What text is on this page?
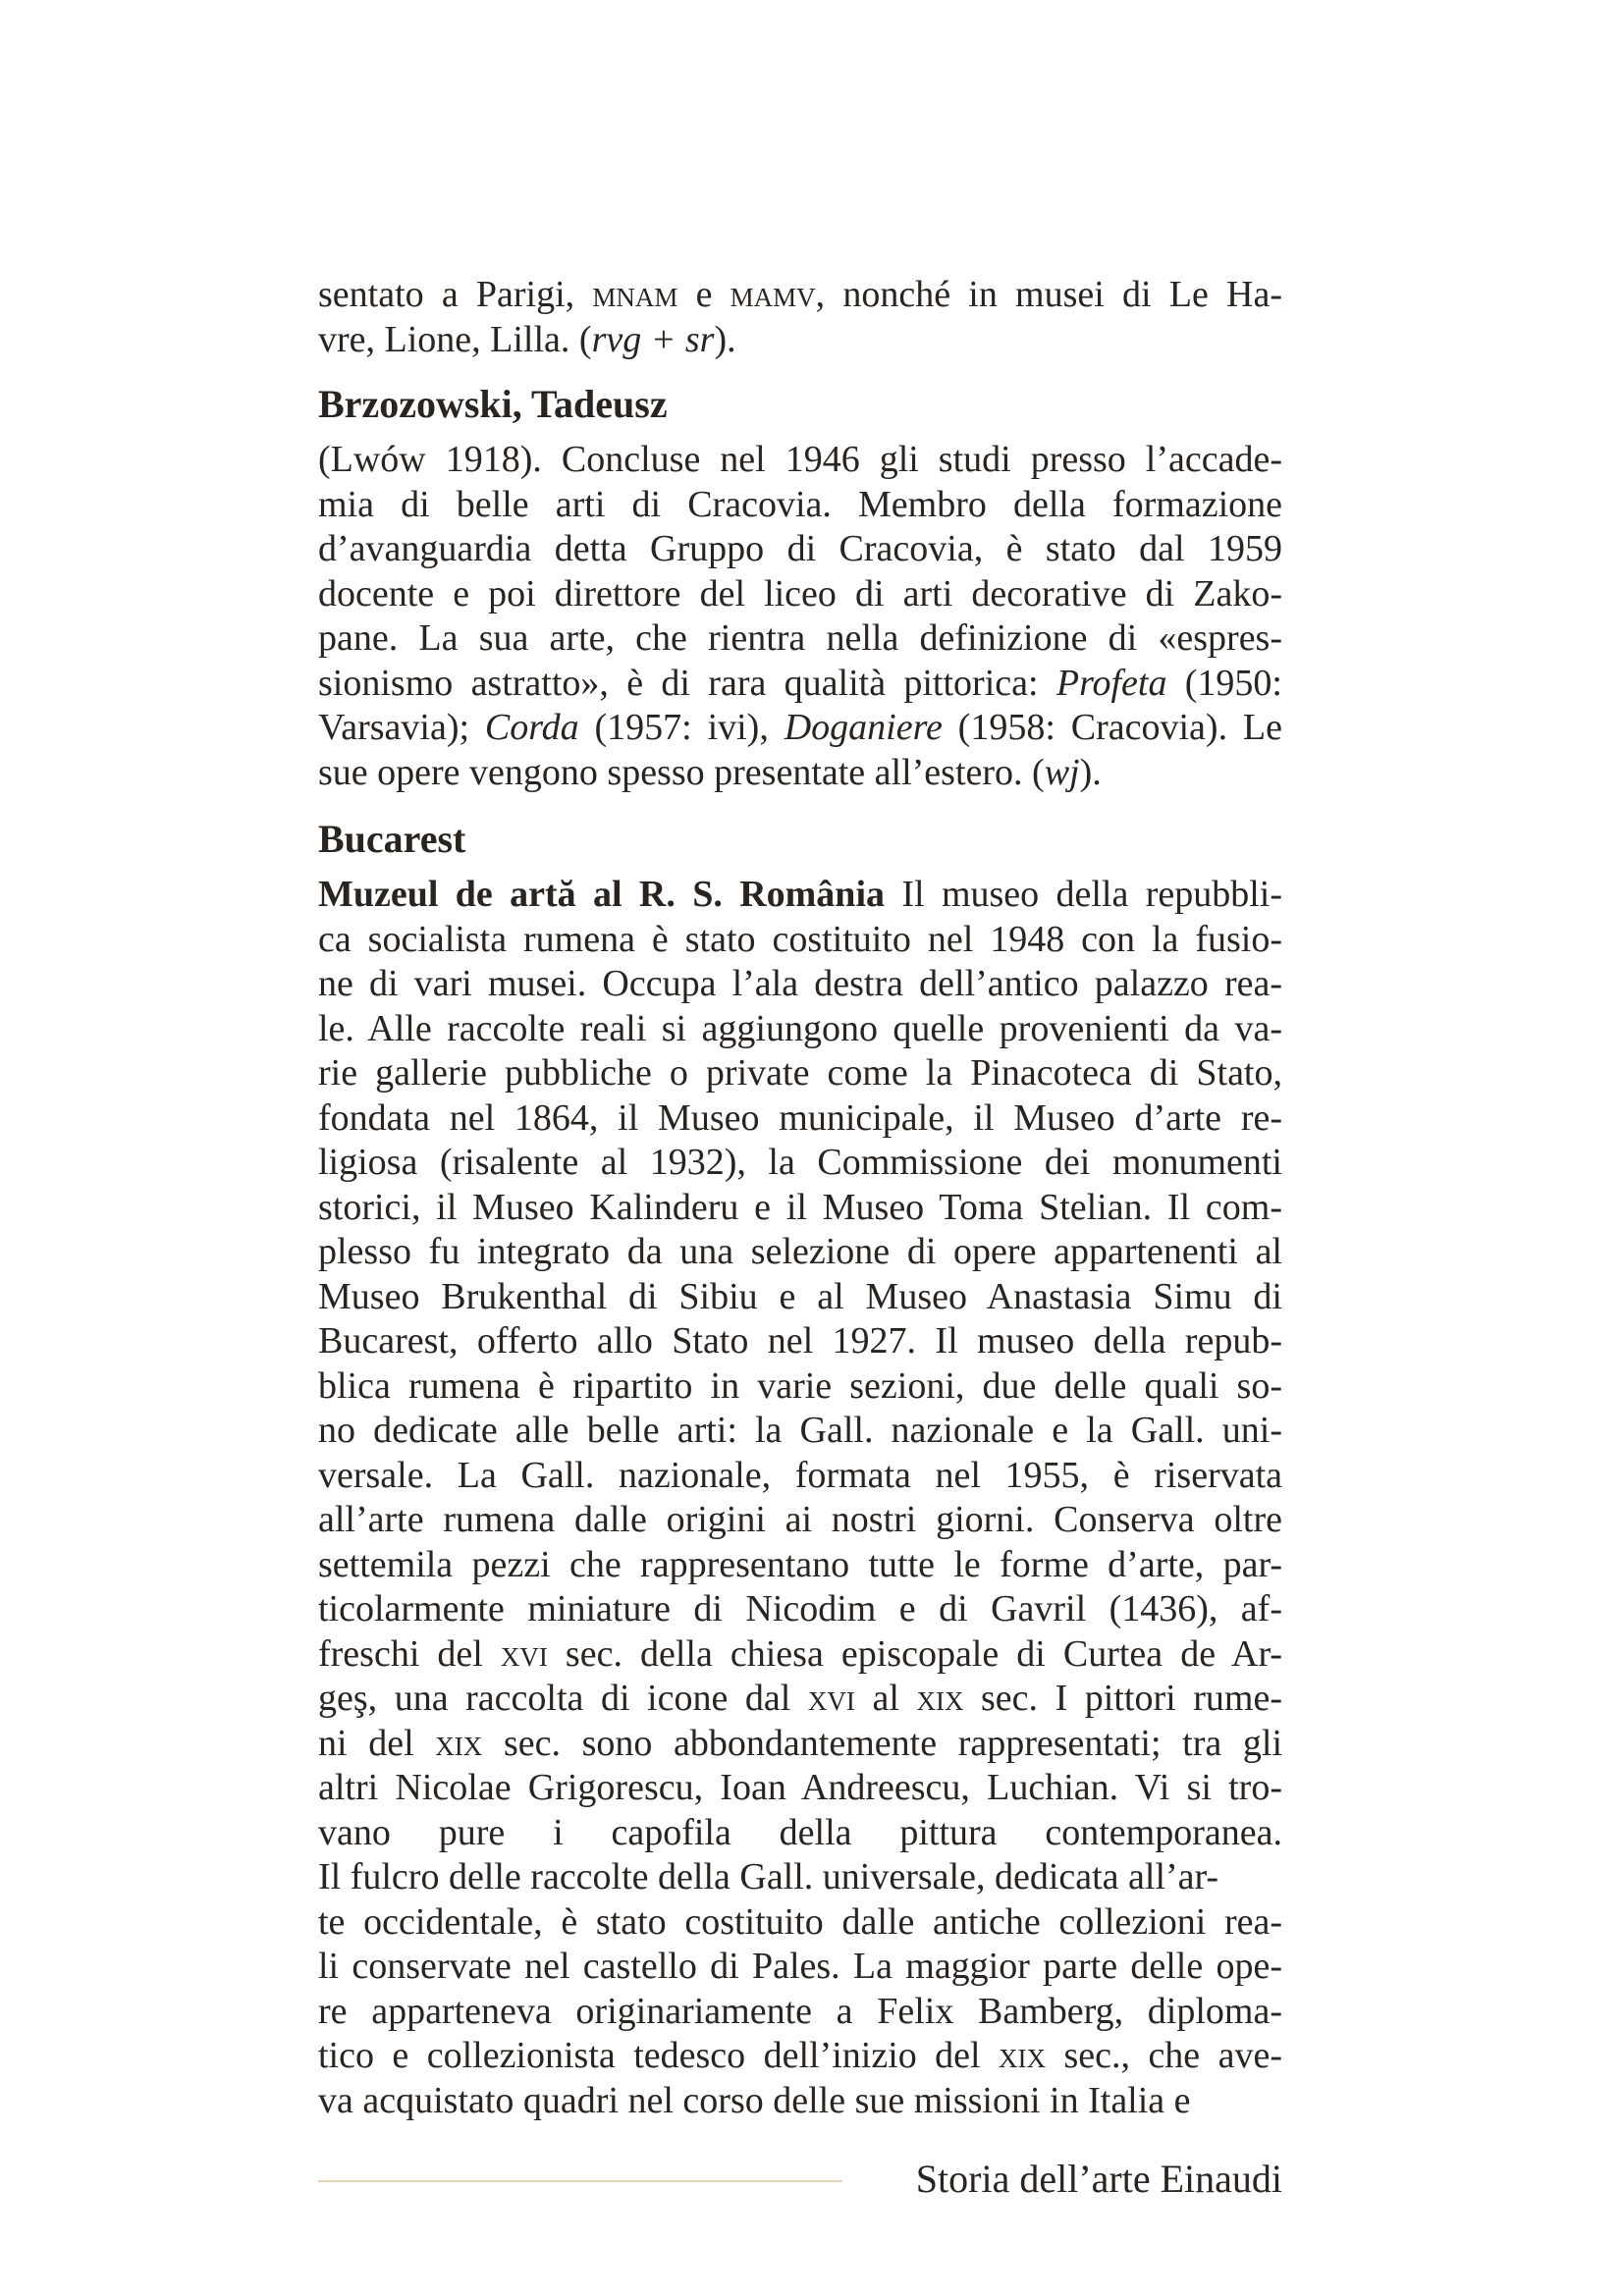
sentato a Parigi, mnam e mamv, nonché in musei di Le Ha-
vre, Lione, Lilla. (rvg + sr).
Brzozowski, Tadeusz
(Lwów 1918). Concluse nel 1946 gli studi presso l’accade-
mia di belle arti di Cracovia. Membro della formazione
d’avanguardia detta Gruppo di Cracovia, è stato dal 1959
docente e poi direttore del liceo di arti decorative di Zako-
pane. La sua arte, che rientra nella definizione di «espres-
sionismo astratto», è di rara qualità pittorica: Profeta (1950:
Varsavia); Corda (1957: ivi), Doganiere (1958: Cracovia). Le
sue opere vengono spesso presentate all’estero. (wj).
Bucarest
Muzeul de artă al R. S. România Il museo della repubbli-
ca socialista rumena è stato costituito nel 1948 con la fusio-
ne di vari musei. Occupa l’ala destra dell’antico palazzo rea-
le. Alle raccolte reali si aggiungono quelle provenienti da va-
rie gallerie pubbliche o private come la Pinacoteca di Stato,
fondata nel 1864, il Museo municipale, il Museo d’arte re-
ligiosa (risalente al 1932), la Commissione dei monumenti
storici, il Museo Kalinderu e il Museo Toma Stelian. Il com-
plesso fu integrato da una selezione di opere appartenenti al
Museo Brukenthal di Sibiu e al Museo Anastasia Simu di
Bucarest, offerto allo Stato nel 1927. Il museo della repub-
blica rumena è ripartito in varie sezioni, due delle quali so-
no dedicate alle belle arti: la Gall. nazionale e la Gall. uni-
versale. La Gall. nazionale, formata nel 1955, è riservata
all’arte rumena dalle origini ai nostri giorni. Conserva oltre
settemila pezzi che rappresentano tutte le forme d’arte, par-
ticolarmente miniature di Nicodim e di Gavril (1436), af-
freschi del xvi sec. della chiesa episcopale di Curtea de Ar-
geş, una raccolta di icone dal xvi al xix sec. I pittori rume-
ni del xix sec. sono abbondantemente rappresentati; tra gli
altri Nicolae Grigorescu, Ioan Andreescu, Luchian. Vi si tro-
vano pure i capofila della pittura contemporanea.
Il fulcro delle raccolte della Gall. universale, dedicata all’ar-
te occidentale, è stato costituito dalle antiche collezioni rea-
li conservate nel castello di Pales. La maggior parte delle ope-
re apparteneva originariamente a Felix Bamberg, diploma-
tico e collezionista tedesco dell’inizio del xix sec., che ave-
va acquistato quadri nel corso delle sue missioni in Italia e
Storia dell’arte Einaudi
